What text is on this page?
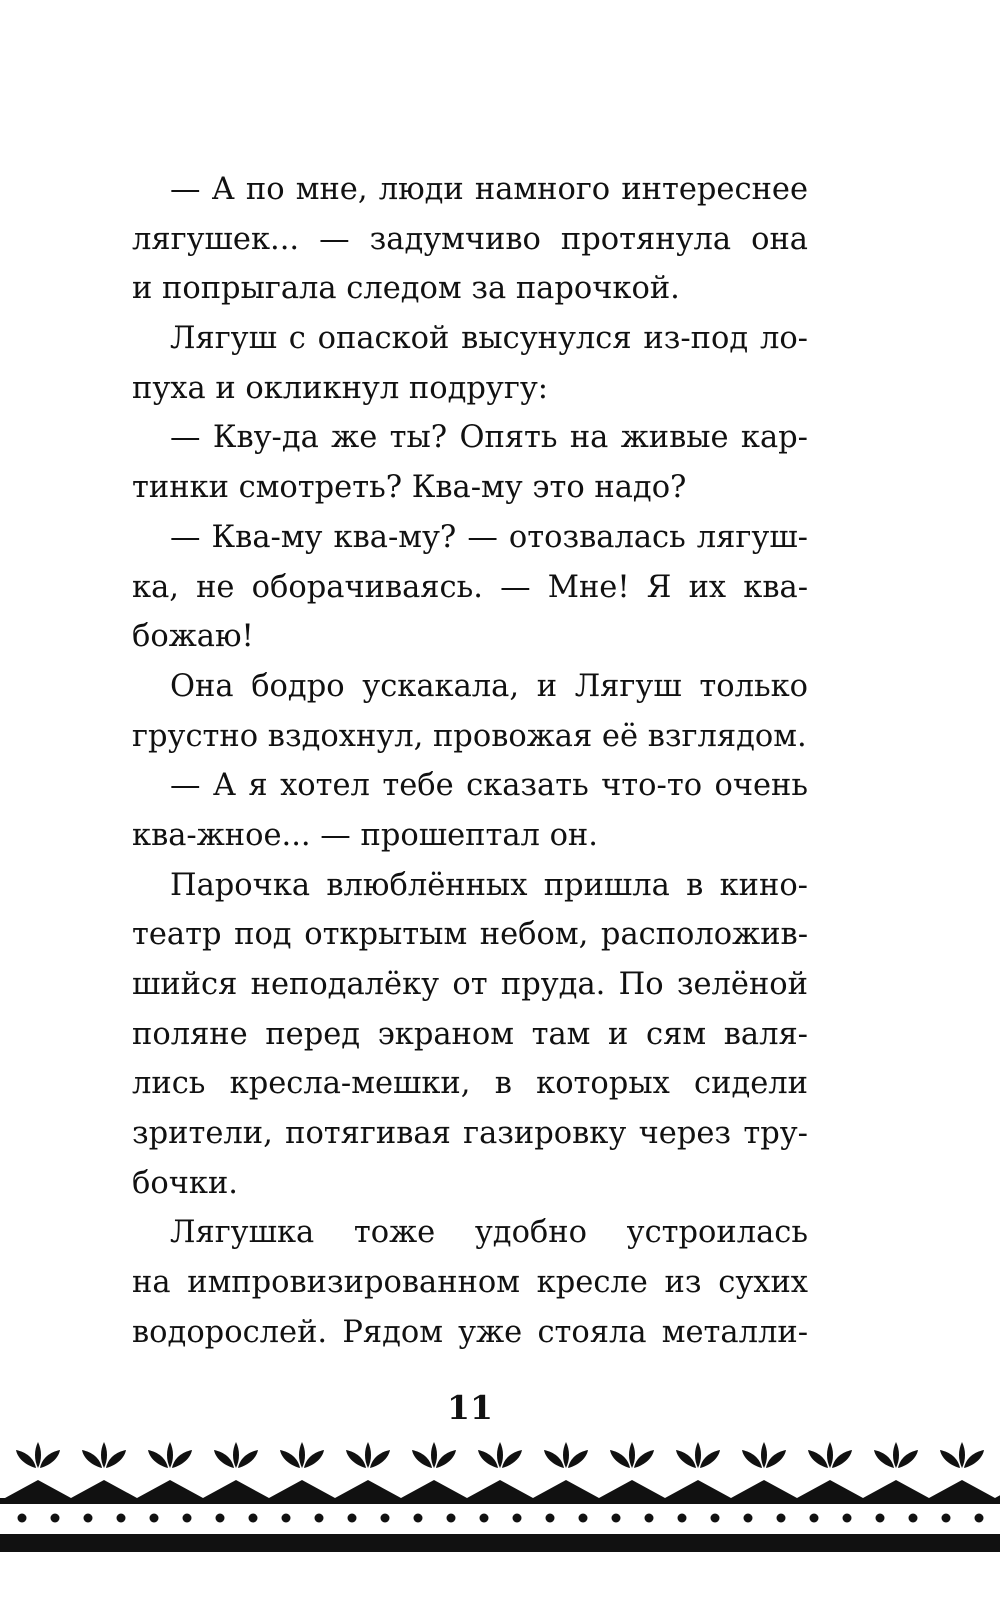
— А по мне, люди намного интереснее
лягушек... — задумчиво протянула она
и попрыгала следом за парочкой.
Лягуш с опаской высунулся из-под ло-
пуха и окликнул подругу:
— Кву-да же ты? Опять на живые кар-
тинки смотреть? Ква-му это надо?
— Ква-му ква-му? — отозвалась лягуш-
ка, не оборачиваясь. — Мне! Я их ква-
божаю!
Она бодро ускакала, и Лягуш только
грустно вздохнул, провожая её взглядом.
— А я хотел тебе сказать что-то очень
ква-жное... — прошептал он.
Парочка влюблённых пришла в кино-
театр под открытым небом, расположив-
шийся неподалёку от пруда. По зелёной
поляне перед экраном там и сям валя-
лись кресла-мешки, в которых сидели
зрители, потягивая газировку через тру-
бочки.
Лягушка тоже удобно устроилась
на импровизированном кресле из сухих
водорослей. Рядом уже стояла металли-
11
